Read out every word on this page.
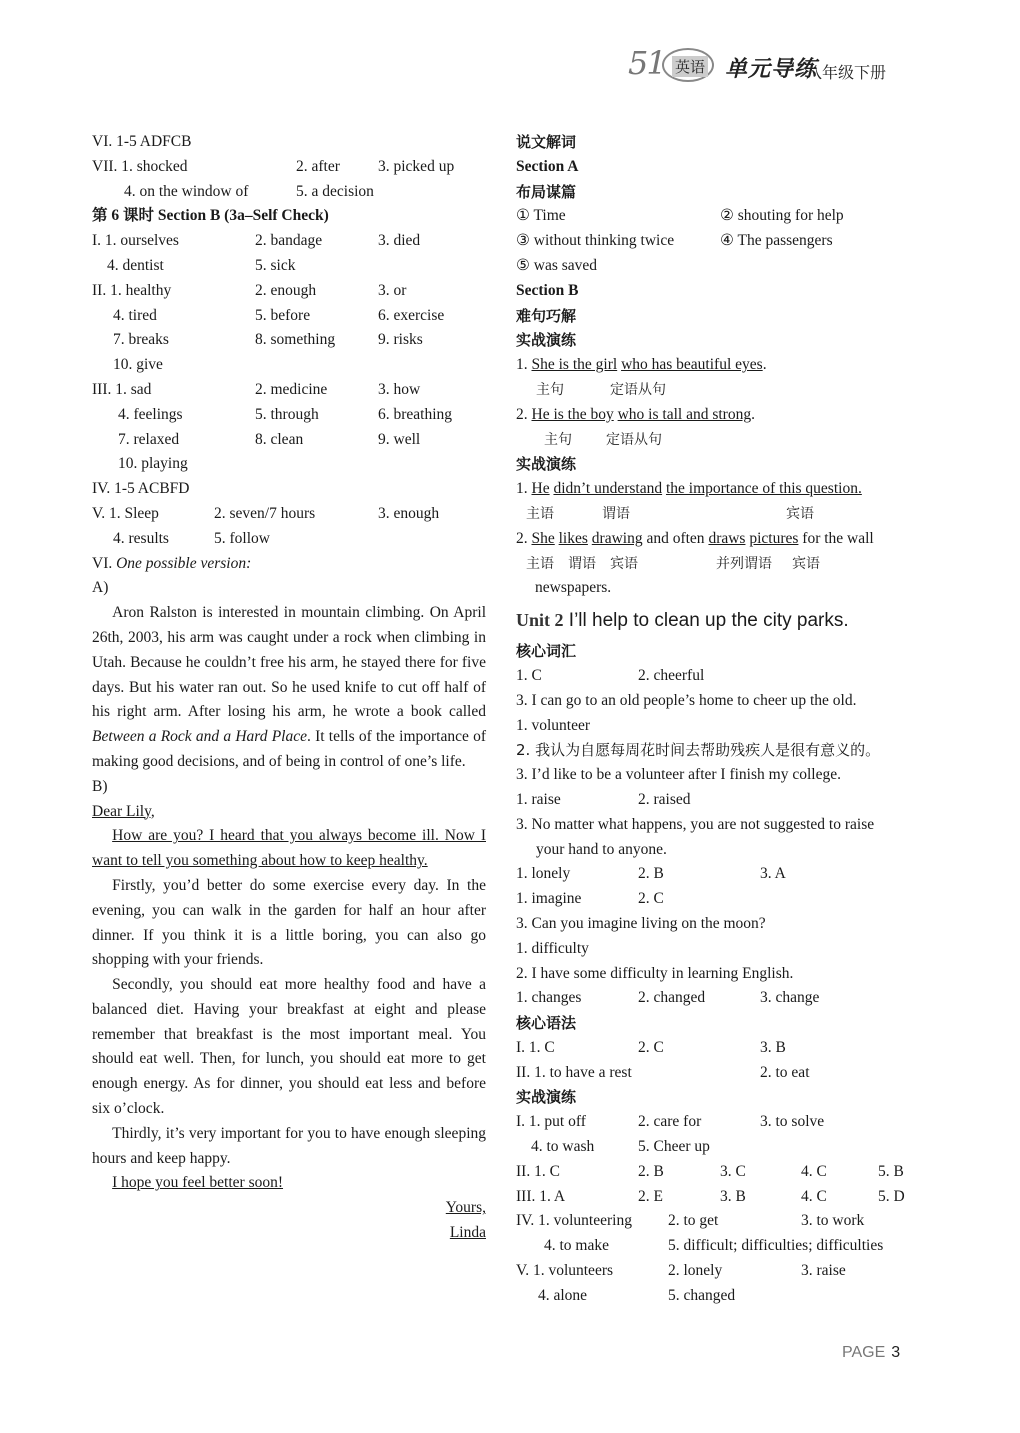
51 英语 单元导练
八年级下册
VI. 1-5 ADFCB
VII. 1. shocked	2. after 3. picked up
4. on the window of	5. a decision
第 6 课时 Section B (3a–Self Check)
I. 1. ourselves	2. bandage	3. died
4. dentist	5. sick
II. 1. healthy	2. enough	3. or
4. tired	5. before	6. exercise
7. breaks	8. something	9. risks
10. give
III. 1. sad	2. medicine	3. how
4. feelings	5. through	6. breathing
7. relaxed	8. clean	9. well
10. playing
IV. 1-5 ACBFD
V. 1. Sleep	2. seven/7 hours	3. enough
4. results	5. follow
VI. One possible version:
A)

Aron Ralston is interested in mountain climbing. On April 26th, 2003, his arm was caught under a rock when climbing in Utah. Because he couldn’t free his arm, he stayed there for five days. But his water ran out. So he used knife to cut off half of his right arm. After losing his arm, he wrote a book called Between a Rock and a Hard Place. It tells of the importance of making good decisions, and of being in control of one’s life.

B)
Dear Lily,

How are you? I heard that you always become ill. Now I want to tell you something about how to keep healthy.

Firstly, you’d better do some exercise every day. In the evening, you can walk in the garden for half an hour after dinner. If you think it is a little boring, you can also go shopping with your friends.

Secondly, you should eat more healthy food and have a balanced diet. Having your breakfast at eight and please remember that breakfast is the most important meal. You should eat well. Then, for lunch, you should eat more to get enough energy. As for dinner, you should eat less and before six o’clock.

Thirdly, it’s very important for you to have enough sleeping hours and keep happy.

I hope you feel better soon!

Yours,
Linda
说文解词
Section A
布局谋篇
① Time	② shouting for help
③ without thinking twice	④ The passengers
⑤ was saved
Section B
难句巧解
实战演练
1. She is the girl who has beautiful eyes.
主句	定语从句
2. He is the boy who is tall and strong.
主句 定语从句
实战演练
1. He didn’t understand the importance of this question.
主语	谓语	宾语
2. She likes drawing and often draws pictures for the wall
主语 谓语 宾语	并列谓语 宾语
newspapers.
Unit 2 I’ll help to clean up the city parks.
核心词汇
1. C	2. cheerful
3. I can go to an old people’s home to cheer up the old.
1. volunteer
2. 我认为自愿每周花时间去帮助残疾人是很有意义的。
3. I’d like to be a volunteer after I finish my college.
1. raise	2. raised
3. No matter what happens, you are not suggested to raise
your hand to anyone.
1. lonely	2. B	3. A
1. imagine	2. C
3. Can you imagine living on the moon?
1. difficulty
2. I have some difficulty in learning English.
1. changes	2. changed	3. change
核心语法
I. 1. C	2. C	3. B
II. 1. to have a rest	2. to eat
实战演练
I. 1. put off	2. care for	3. to solve
4. to wash	5. Cheer up
II. 1. C	2. B	3. C	4. C	5. B
III. 1. A	2. E	3. B	4. C	5. D
IV. 1. volunteering 2. to get	3. to work
4. to make	5. difficult; difficulties; difficulties
V. 1. volunteers	2. lonely	3. raise
4. alone	5. changed
PAGE 3
